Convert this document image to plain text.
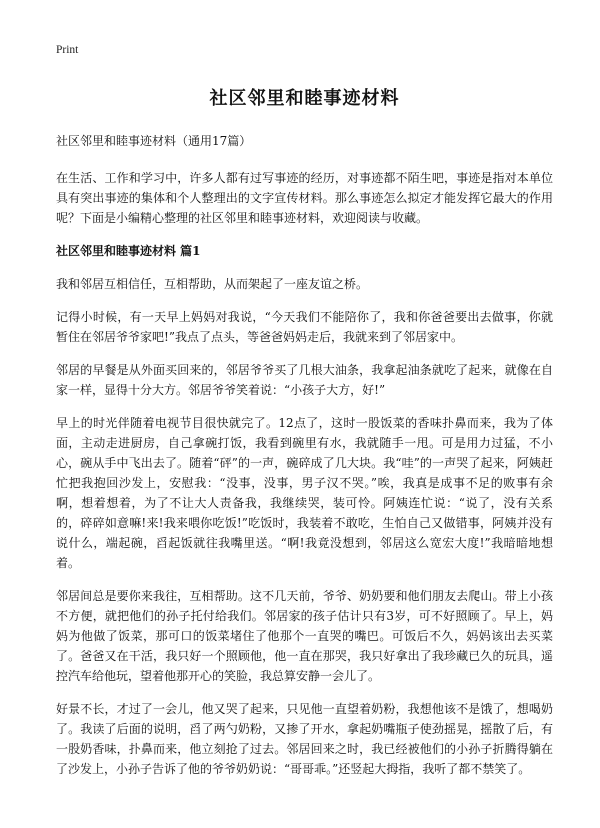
Print
社区邻里和睦事迹材料
社区邻里和睦事迹材料（通用17篇）

在生活、工作和学习中，许多人都有过写事迹的经历，对事迹都不陌生吧，事迹是指对本单位具有突出事迹的集体和个人整理出的文字宣传材料。那么事迹怎么拟定才能发挥它最大的作用呢？下面是小编精心整理的社区邻里和睦事迹材料，欢迎阅读与收藏。

社区邻里和睦事迹材料 篇1

我和邻居互相信任，互相帮助，从而架起了一座友谊之桥。

记得小时候，有一天早上妈妈对我说，“今天我们不能陪你了，我和你爸爸要出去做事，你就暂住在邻居爷爷家吧!”我点了点头，等爸爸妈妈走后，我就来到了邻居家中。

邻居的早餐是从外面买回来的，邻居爷爷买了几根大油条，我拿起油条就吃了起来，就像在自家一样，显得十分大方。邻居爷爷笑着说：“小孩子大方，好!”

早上的时光伴随着电视节目很快就完了。12点了，这时一股饭菜的香味扑鼻而来，我为了体面，主动走进厨房，自己拿碗打饭，我看到碗里有水，我就随手一甩。可是用力过猛，不小心，碗从手中飞出去了。随着“砰”的一声，碗碎成了几大块。我“哇”的一声哭了起来，阿姨赶忙把我抱回沙发上，安慰我：“没事，没事，男子汉不哭。”唉，我真是成事不足的败事有余啊，想着想着，为了不让大人责备我，我继续哭，装可怜。阿姨连忙说：“说了，没有关系的，碎碎如意嘛!来!我来喂你吃饭!”吃饭时，我装着不敢吃，生怕自己又做错事，阿姨并没有说什么，端起碗，舀起饭就往我嘴里送。“啊!我竟没想到，邻居这么宽宏大度!”我暗暗地想着。

邻居间总是要你来我往，互相帮助。这不几天前，爷爷、奶奶要和他们朋友去爬山。带上小孩不方便，就把他们的孙子托付给我们。邻居家的孩子估计只有3岁，可不好照顾了。早上，妈妈为他做了饭菜，那可口的饭菜堵住了他那个一直哭的嘴巴。可饭后不久，妈妈该出去买菜了。爸爸又在干活，我只好一个照顾他，他一直在那哭，我只好拿出了我珍藏已久的玩具，遥控汽车给他玩，望着他那开心的笑脸，我总算安静一会儿了。

好景不长，才过了一会儿，他又哭了起来，只见他一直望着奶粉，我想他该不是饿了，想喝奶了。我读了后面的说明，舀了两勺奶粉，又掺了开水，拿起奶嘴瓶子使劲摇晃，摇散了后，有一股奶香味，扑鼻而来，他立刻抢了过去。邻居回来之时，我已经被他们的小孙子折腾得躺在了沙发上，小孙子告诉了他的爷爷奶奶说：“哥哥乖。”还竖起大拇指，我听了都不禁笑了。
